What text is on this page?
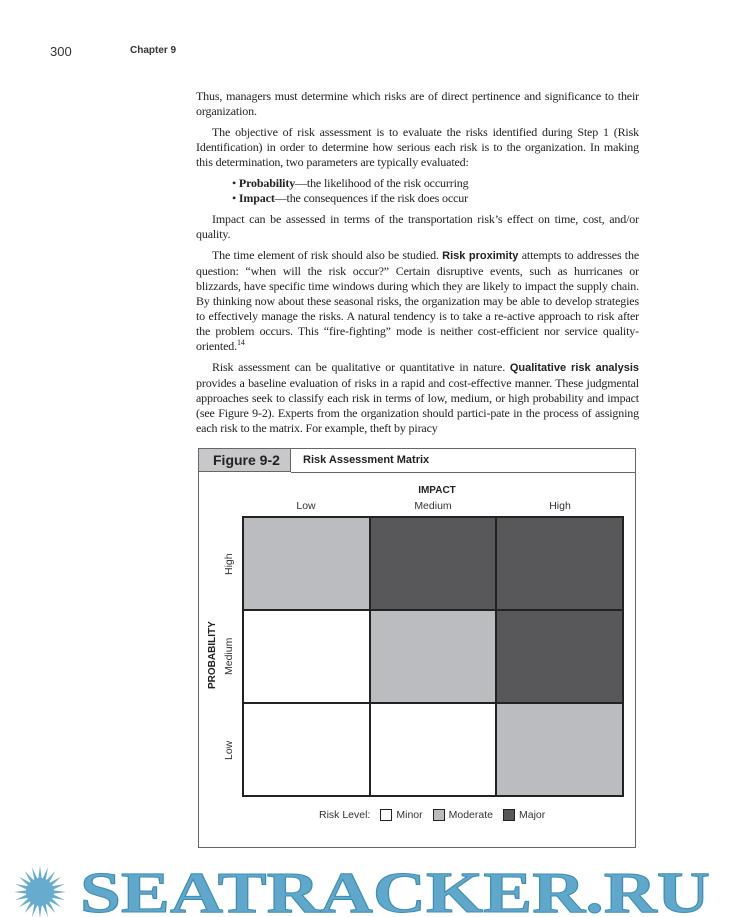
300	Chapter 9

Thus, managers must determine which risks are of direct pertinence and significance to their organization.

The objective of risk assessment is to evaluate the risks identified during Step 1 (Risk Identification) in order to determine how serious each risk is to the organization. In making this determination, two parameters are typically evaluated:

• Probability—the likelihood of the risk occurring
• Impact—the consequences if the risk does occur

Impact can be assessed in terms of the transportation risk’s effect on time, cost, and/or quality.

The time element of risk should also be studied. Risk proximity attempts to addresses the question: “when will the risk occur?” Certain disruptive events, such as hurricanes or blizzards, have specific time windows during which they are likely to impact the supply chain. By thinking now about these seasonal risks, the organization may be able to develop strategies to effectively manage the risks. A natural tendency is to take a re-active approach to risk after the problem occurs. This “fire-fighting” mode is neither cost-efficient nor service quality-oriented.$^{14}$

Risk assessment can be qualitative or quantitative in nature. Qualitative risk analysis provides a baseline evaluation of risks in a rapid and cost-effective manner. These judgmental approaches seek to classify each risk in terms of low, medium, or high probability and impact (see Figure 9-2). Experts from the organization should partici-pate in the process of assigning each risk to the matrix. For example, theft by piracy

Figure 9-2	Risk Assessment Matrix
IMPACT
Low	Medium	High
PROBABILITY
High
Medium
Low
Risk Level: Minor Moderate Major
SEATRACKER.RU
